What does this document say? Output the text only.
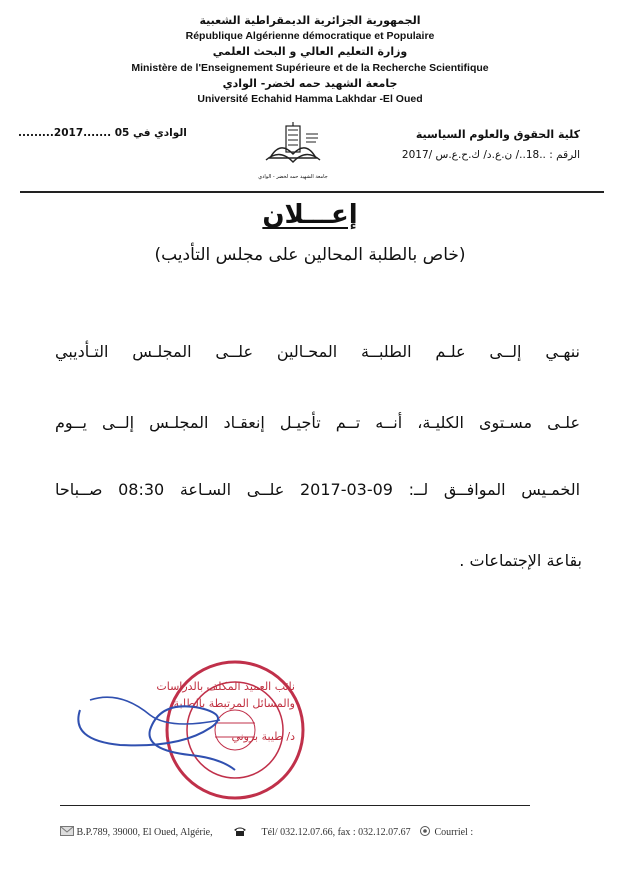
الجمهورية الجزائرية الديمقراطية الشعبية
République Algérienne démocratique et Populaire
وزارة التعليم العالي و البحث العلمي
Ministère de l'Enseignement Supérieure et de la Recherche Scientifique
جامعة الشهيد حمه لخضر- الوادي
Université Echahid Hamma Lakhdar -El Oued
كلية الحقوق والعلوم السياسية
الرقم : ..18../ ن.ع.د/ ك.ح.ع.س /2017
الوادي في 05 .......2017.........
جامعة الشهيد حمه لخضر - الوادي
إعـــلان
(خاص بالطلبة المحالين على مجلس التأديب)
ننهـي إلــى علـم الطلبــة المحـالين علــى المجلـس التـأديبي
علـى مسـتوى الكليـة، أنــه تــم تأجيـل إنعقـاد المجلـس إلــى يــوم
الخمـيس الموافــق لــ: 09-03-2017 علــى السـاعة 08:30 صــباحا
بقاعة الإجتماعات .
نائب العميد المكلف بالدراسات
والمسائل المرتبطة بالطلبة
د/ طيبة بروني
B.P.789, 39000, El Oued, Algérie,	Tél/ 032.12.07.66, fax : 032.12.07.67	Courriel :
